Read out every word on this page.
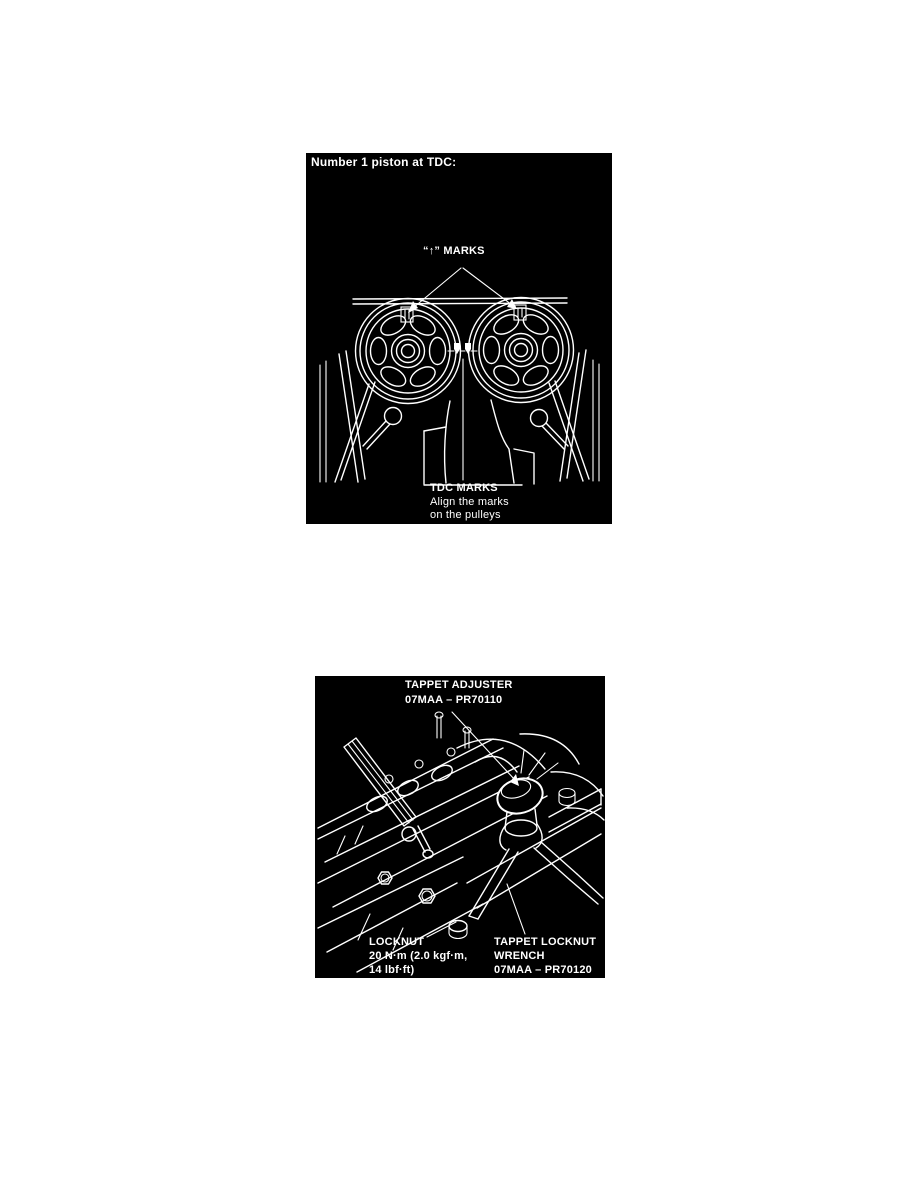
Number 1 piston at TDC:
“↑” MARKS
TDC MARKS
Align the marks
on the pulleys
TAPPET ADJUSTER
07MAA – PR70110
LOCKNUT
20 N·m (2.0 kgf·m,
14 lbf·ft)
TAPPET LOCKNUT
WRENCH
07MAA – PR70120
